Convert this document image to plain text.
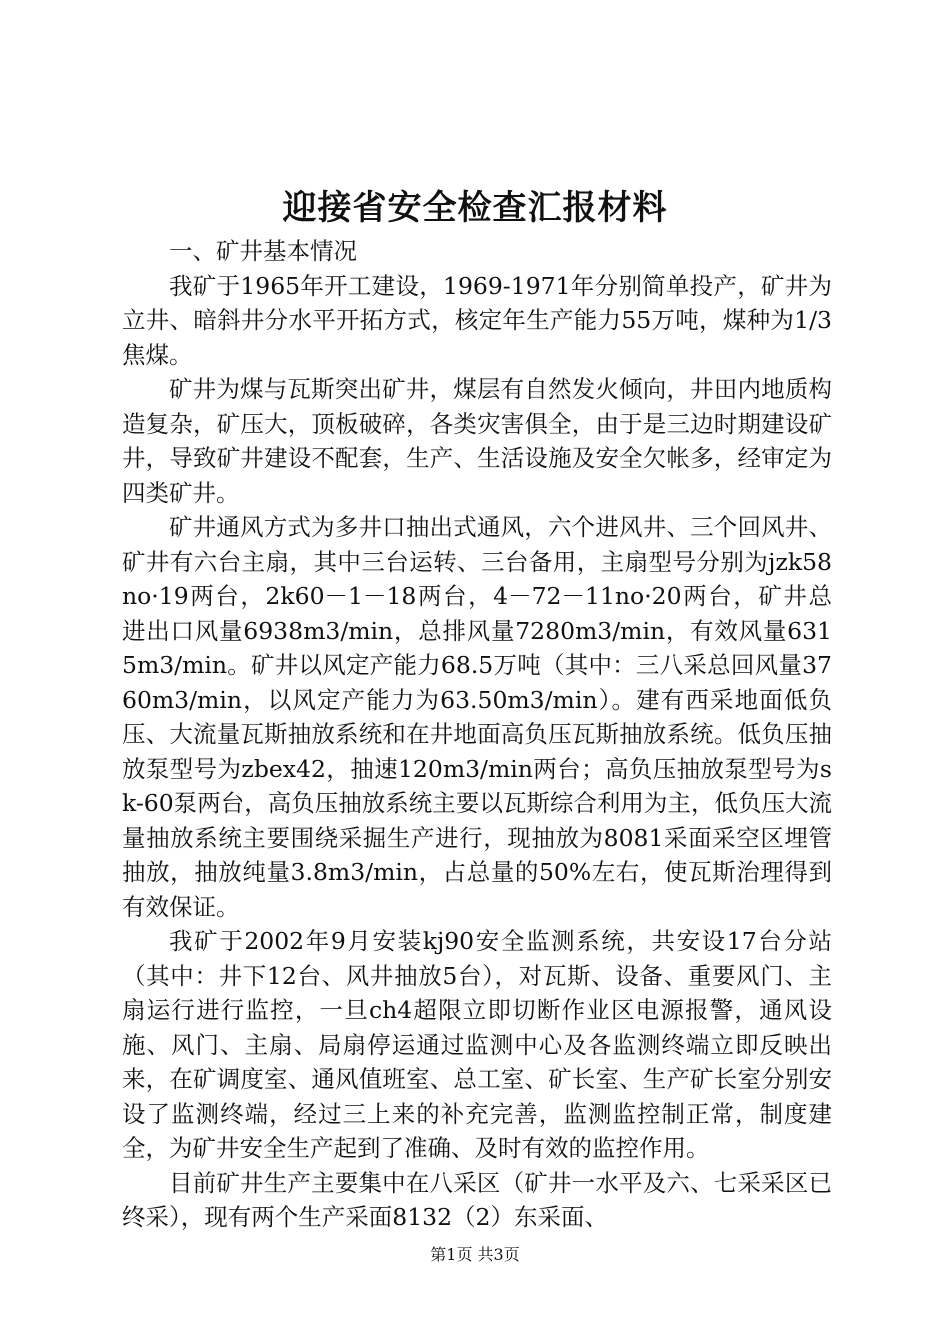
迎接省安全检查汇报材料

一、矿井基本情况

我矿于1965年开工建设，1969-1971年分别简单投产，矿井为立井、暗斜井分水平开拓方式，核定年生产能力55万吨，煤种为1/3焦煤。

矿井为煤与瓦斯突出矿井，煤层有自然发火倾向，井田内地质构造复杂，矿压大，顶板破碎，各类灾害俱全，由于是三边时期建设矿井，导致矿井建设不配套，生产、生活设施及安全欠帐多，经审定为四类矿井。

矿井通风方式为多井口抽出式通风，六个进风井、三个回风井、矿井有六台主扇，其中三台运转、三台备用，主扇型号分别为jzk58no·19两台，2k60－1－18两台，4－72－11no·20两台，矿井总进出口风量6938m3/min，总排风量7280m3/min，有效风量6315m3/min。矿井以风定产能力68.5万吨（其中：三八采总回风量3760m3/min，以风定产能力为63.50m3/min）。建有西采地面低负压、大流量瓦斯抽放系统和在井地面高负压瓦斯抽放系统。低负压抽放泵型号为zbex42，抽速120m3/min两台；高负压抽放泵型号为sk-60泵两台，高负压抽放系统主要以瓦斯综合利用为主，低负压大流量抽放系统主要围绕采掘生产进行，现抽放为8081采面采空区埋管抽放，抽放纯量3.8m3/min，占总量的50%左右，使瓦斯治理得到有效保证。

我矿于2002年9月安装kj90安全监测系统，共安设17台分站（其中：井下12台、风井抽放5台），对瓦斯、设备、重要风门、主扇运行进行监控，一旦ch4超限立即切断作业区电源报警，通风设施、风门、主扇、局扇停运通过监测中心及各监测终端立即反映出来，在矿调度室、通风值班室、总工室、矿长室、生产矿长室分别安设了监测终端，经过三上来的补充完善，监测监控制正常，制度建全，为矿井安全生产起到了准确、及时有效的监控作用。

目前矿井生产主要集中在八采区（矿井一水平及六、七采采区已终采），现有两个生产采面8132（2）东采面、

第1页 共3页
